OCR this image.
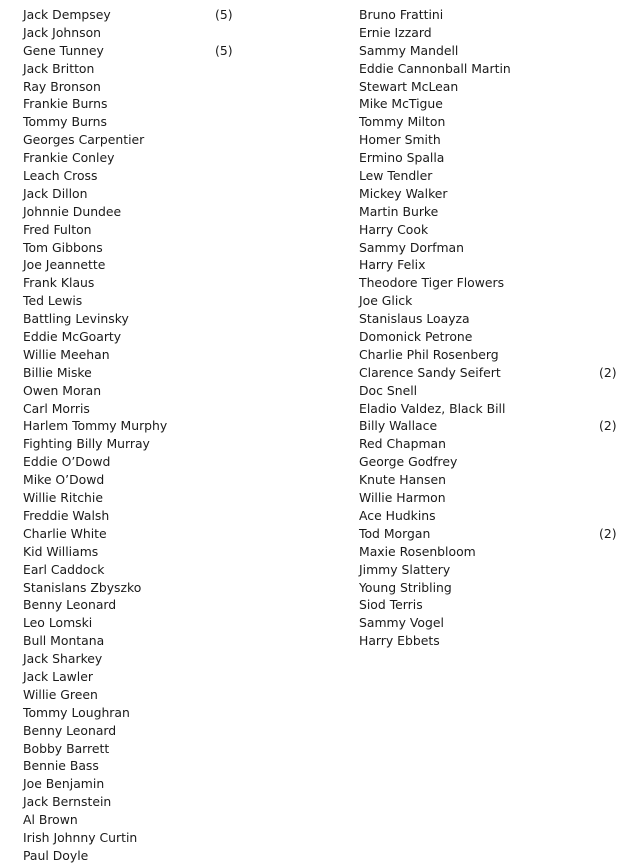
Jack Dempsey	(5)
Jack Johnson
Gene Tunney	(5)
Jack Britton
Ray Bronson
Frankie Burns
Tommy Burns
Georges Carpentier
Frankie Conley
Leach Cross
Jack Dillon
Johnnie Dundee
Fred Fulton
Tom Gibbons
Joe Jeannette
Frank Klaus
Ted Lewis
Battling Levinsky
Eddie McGoarty
Willie Meehan
Billie Miske
Owen Moran
Carl Morris
Harlem Tommy Murphy
Fighting Billy Murray
Eddie O’Dowd
Mike O’Dowd
Willie Ritchie
Freddie Walsh
Charlie White
Kid Williams
Earl Caddock
Stanislans Zbyszko
Benny Leonard
Leo Lomski
Bull Montana
Jack Sharkey
Jack Lawler
Willie Green
Tommy Loughran
Benny Leonard
Bobby Barrett
Bennie Bass
Joe Benjamin
Jack Bernstein
Al Brown
Irish Johnny Curtin
Paul Doyle
Bruno Frattini
Ernie Izzard
Sammy Mandell
Eddie Cannonball Martin
Stewart McLean
Mike McTigue
Tommy Milton
Homer Smith
Ermino Spalla
Lew Tendler
Mickey Walker
Martin Burke
Harry Cook
Sammy Dorfman
Harry Felix
Theodore Tiger Flowers
Joe Glick
Stanislaus Loayza
Domonick Petrone
Charlie Phil Rosenberg
Clarence Sandy Seifert	(2)
Doc Snell
Eladio Valdez, Black Bill
Billy Wallace	(2)
Red Chapman
George Godfrey
Knute Hansen
Willie Harmon
Ace Hudkins
Tod Morgan	(2)
Maxie Rosenbloom
Jimmy Slattery
Young Stribling
Siod Terris
Sammy Vogel
Harry Ebbets
